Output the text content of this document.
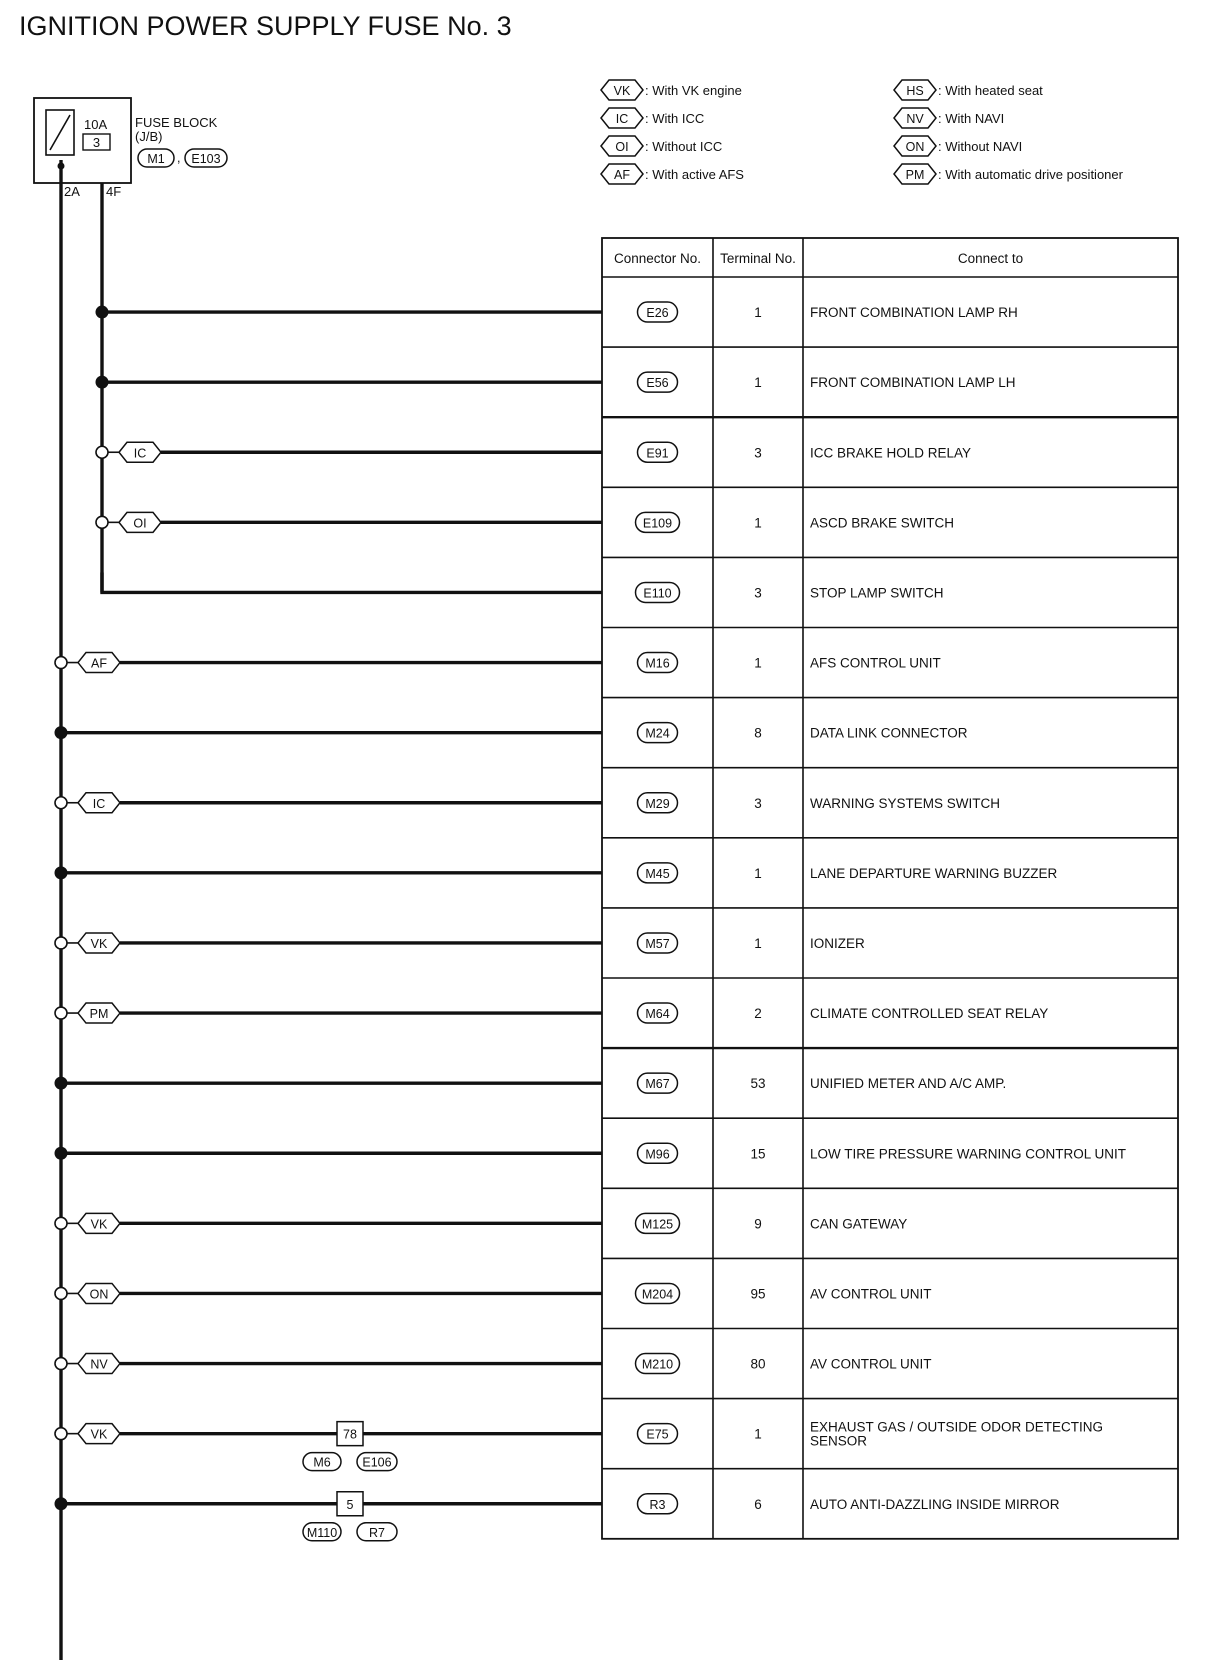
IGNITION POWER SUPPLY FUSE No. 3
10A
3
FUSE BLOCK
(J/B)
2A 4F
M1 , E103
VK : With VK engine
IC : With ICC
OI : Without ICC
AF : With active AFS
HS : With heated seat
NV : With NAVI
ON : Without NAVI
PM : With automatic drive positioner
IC
OI
AF
IC
VK
PM
VK
ON
NV
VK	78
M6	E106
5
M110	R7
Connector No. Terminal No.	Connect to
E26	1	FRONT COMBINATION LAMP RH
E56	1	FRONT COMBINATION LAMP LH
E91	3	ICC BRAKE HOLD RELAY
E109	1	ASCD BRAKE SWITCH
E110	3	STOP LAMP SWITCH
M16	1	AFS CONTROL UNIT
M24	8	DATA LINK CONNECTOR
M29	3	WARNING SYSTEMS SWITCH
M45	1	LANE DEPARTURE WARNING BUZZER
M57	1	IONIZER
M64	2	CLIMATE CONTROLLED SEAT RELAY
M67	53	UNIFIED METER AND A/C AMP.
M96	15	LOW TIRE PRESSURE WARNING CONTROL UNIT
M125	9	CAN GATEWAY
M204	95	AV CONTROL UNIT
M210	80	AV CONTROL UNIT
E75	1	EXHAUST GAS / OUTSIDE ODOR DETECTING SENSOR
R3	6	AUTO ANTI-DAZZLING INSIDE MIRROR
